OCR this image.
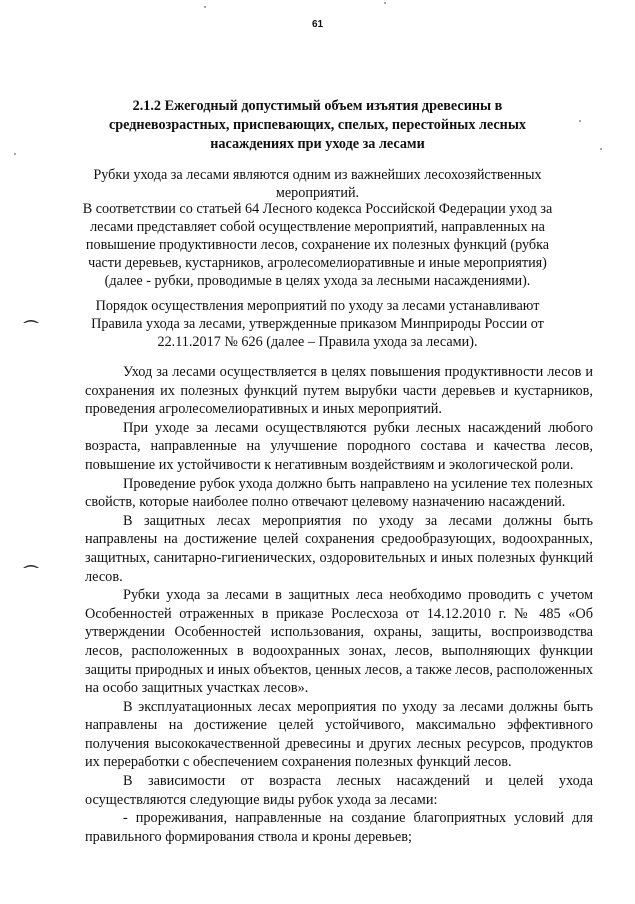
61
2.1.2 Ежегодный допустимый объем изъятия древесины в средневозрастных, приспевающих, спелых, перестойных лесных насаждениях при уходе за лесами
Рубки ухода за лесами являются одним из важнейших лесохозяйственных мероприятий.
В соответствии со статьей 64 Лесного кодекса Российской Федерации уход за лесами представляет собой осуществление мероприятий, направленных на повышение продуктивности лесов, сохранение их полезных функций (рубка части деревьев, кустарников, агролесомелиоративные и иные мероприятия) (далее - рубки, проводимые в целях ухода за лесными насаждениями).
Порядок осуществления мероприятий по уходу за лесами устанавливают Правила ухода за лесами, утвержденные приказом Минприроды России от 22.11.2017 № 626 (далее – Правила ухода за лесами).

Уход за лесами осуществляется в целях повышения продуктивности лесов и сохранения их полезных функций путем вырубки части деревьев и кустарников, проведения агролесомелиоративных и иных мероприятий.

При уходе за лесами осуществляются рубки лесных насаждений любого возраста, направленные на улучшение породного состава и качества лесов, повышение их устойчивости к негативным воздействиям и экологической роли.

Проведение рубок ухода должно быть направлено на усиление тех полезных свойств, которые наиболее полно отвечают целевому назначению насаждений.

В защитных лесах мероприятия по уходу за лесами должны быть направлены на достижение целей сохранения средообразующих, водоохранных, защитных, санитарно-гигиенических, оздоровительных и иных полезных функций лесов.

Рубки ухода за лесами в защитных леса необходимо проводить с учетом Особенностей отраженных в приказе Рослесхоза от 14.12.2010 г. № 485 «Об утверждении Особенностей использования, охраны, защиты, воспроизводства лесов, расположенных в водоохранных зонах, лесов, выполняющих функции защиты природных и иных объектов, ценных лесов, а также лесов, расположенных на особо защитных участках лесов».

В эксплуатационных лесах мероприятия по уходу за лесами должны быть направлены на достижение целей устойчивого, максимально эффективного получения высококачественной древесины и других лесных ресурсов, продуктов их переработки с обеспечением сохранения полезных функций лесов.

В зависимости от возраста лесных насаждений и целей ухода осуществляются следующие виды рубок ухода за лесами:

- прореживания, направленные на создание благоприятных условий для правильного формирования ствола и кроны деревьев;
